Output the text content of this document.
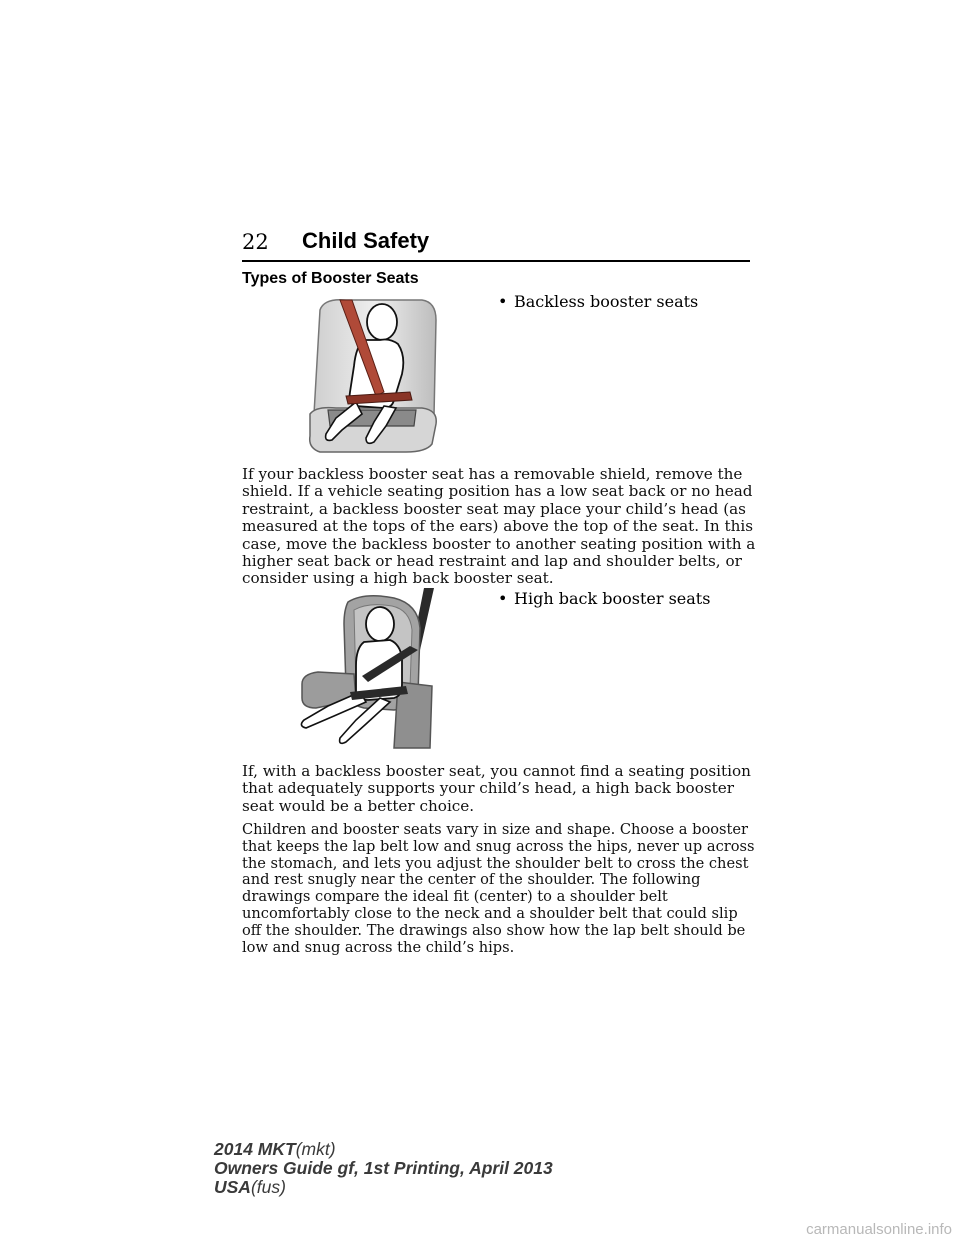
22 Child Safety
Types of Booster Seats
• Backless booster seats

If your backless booster seat has a removable shield, remove the shield. If a vehicle seating position has a low seat back or no head restraint, a backless booster seat may place your child’s head (as measured at the tops of the ears) above the top of the seat. In this case, move the backless booster to another seating position with a higher seat back or head restraint and lap and shoulder belts, or consider using a high back booster seat.

• High back booster seats

If, with a backless booster seat, you cannot find a seating position that adequately supports your child’s head, a high back booster seat would be a better choice.

Children and booster seats vary in size and shape. Choose a booster that keeps the lap belt low and snug across the hips, never up across the stomach, and lets you adjust the shoulder belt to cross the chest and rest snugly near the center of the shoulder. The following drawings compare the ideal fit (center) to a shoulder belt uncomfortably close to the neck and a shoulder belt that could slip off the shoulder. The drawings also show how the lap belt should be low and snug across the child’s hips.

2014 MKT(mkt)
Owners Guide gf, 1st Printing, April 2013
USA(fus)
carmanualsonline.info
